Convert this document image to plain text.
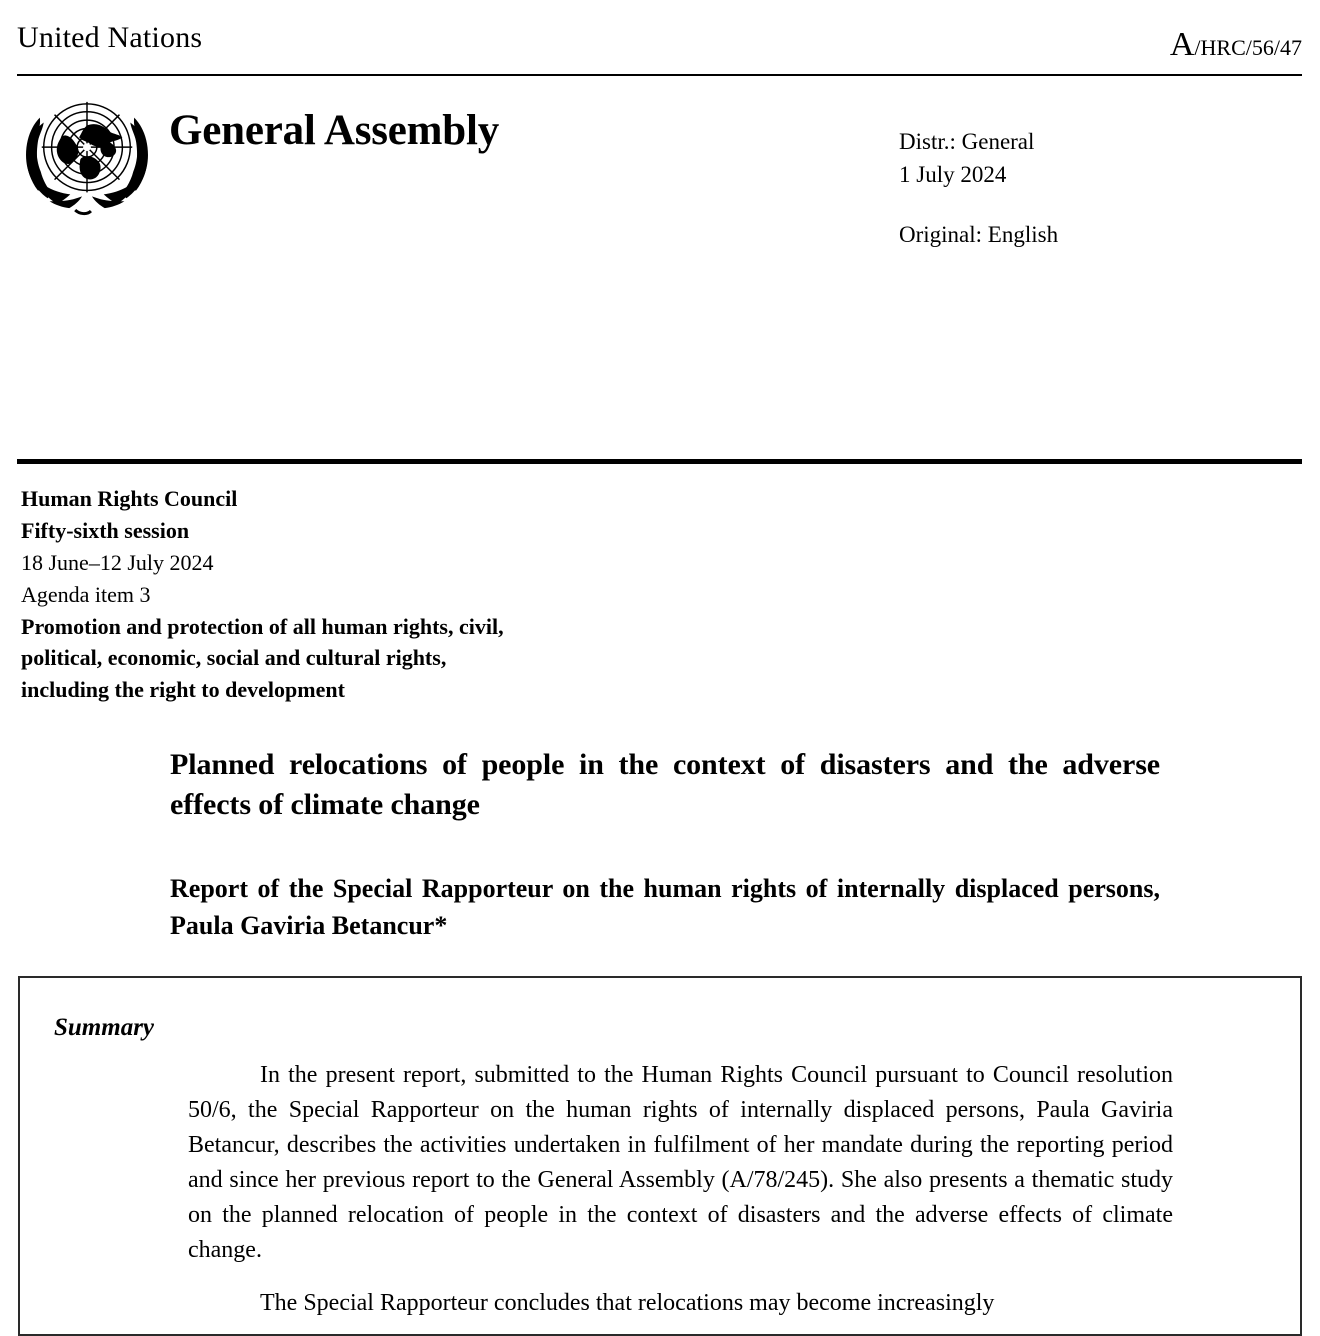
United Nations	A/HRC/56/47
General Assembly	Distr.: General
1 July 2024
Original: English
Human Rights Council
Fifty-sixth session
18 June–12 July 2024
Agenda item 3
Promotion and protection of all human rights, civil,
political, economic, social and cultural rights,
including the right to development
Planned relocations of people in the context of disasters and the adverse effects of climate change
Report of the Special Rapporteur on the human rights of internally displaced persons, Paula Gaviria Betancur*
Summary

In the present report, submitted to the Human Rights Council pursuant to Council resolution 50/6, the Special Rapporteur on the human rights of internally displaced persons, Paula Gaviria Betancur, describes the activities undertaken in fulfilment of her mandate during the reporting period and since her previous report to the General Assembly (A/78/245). She also presents a thematic study on the planned relocation of people in the context of disasters and the adverse effects of climate change.

The Special Rapporteur concludes that relocations may become increasingly
